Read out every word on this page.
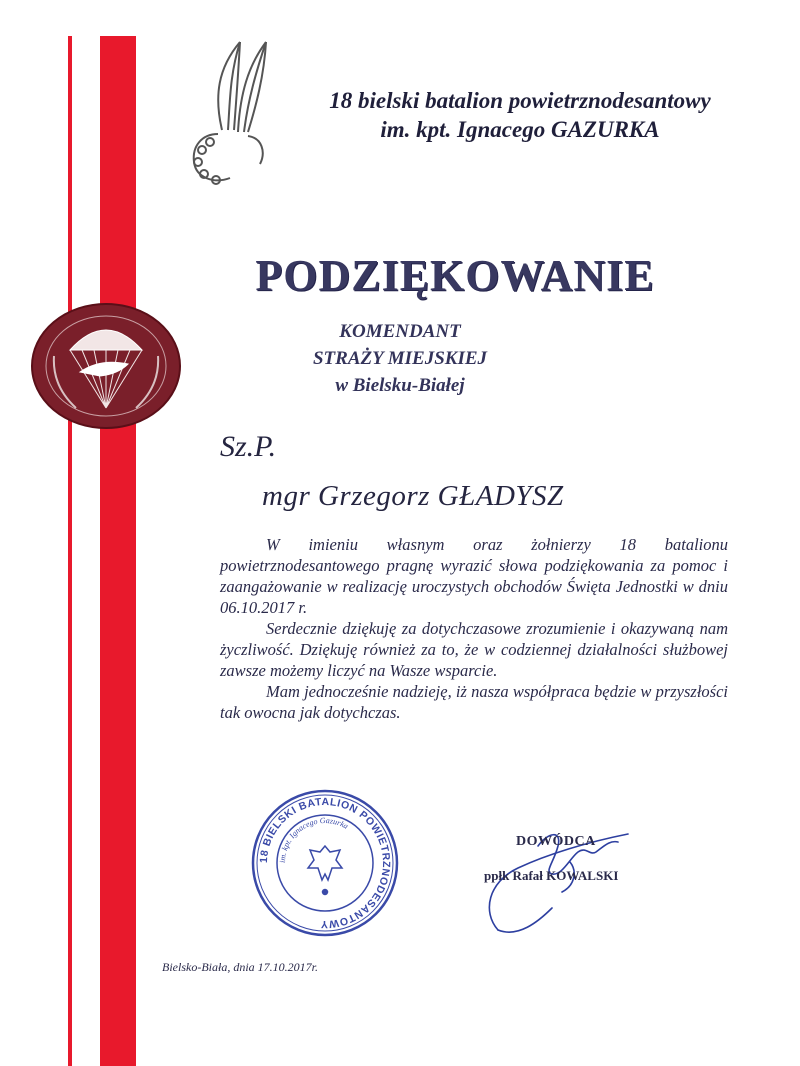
18 bielski batalion powietrznodesantowy
im. kpt. Ignacego GAZURKA
PODZIĘKOWANIE
KOMENDANT
STRAŻY MIEJSKIEJ
w Bielsku-Białej
Sz.P.
mgr Grzegorz GŁADYSZ

W imieniu własnym oraz żołnierzy 18 batalionu powietrznodesantowego pragnę wyrazić słowa podziękowania za pomoc i zaangażowanie w realizację uroczystych obchodów Święta Jednostki w dniu 06.10.2017 r.

Serdecznie dziękuję za dotychczasowe zrozumienie i okazywaną nam życzliwość. Dziękuję również za to, że w codziennej działalności służbowej zawsze możemy liczyć na Wasze wsparcie.

Mam jednocześnie nadzieję, iż nasza współpraca będzie w przyszłości tak owocna jak dotychczas.

18 BIELSKI BATALION POWIETRZNODESANTOWY
im. kpt. Ignacego Gazurka
DOWÓDCA
ppłk Rafał KOWALSKI
Bielsko-Biała, dnia 17.10.2017r.
